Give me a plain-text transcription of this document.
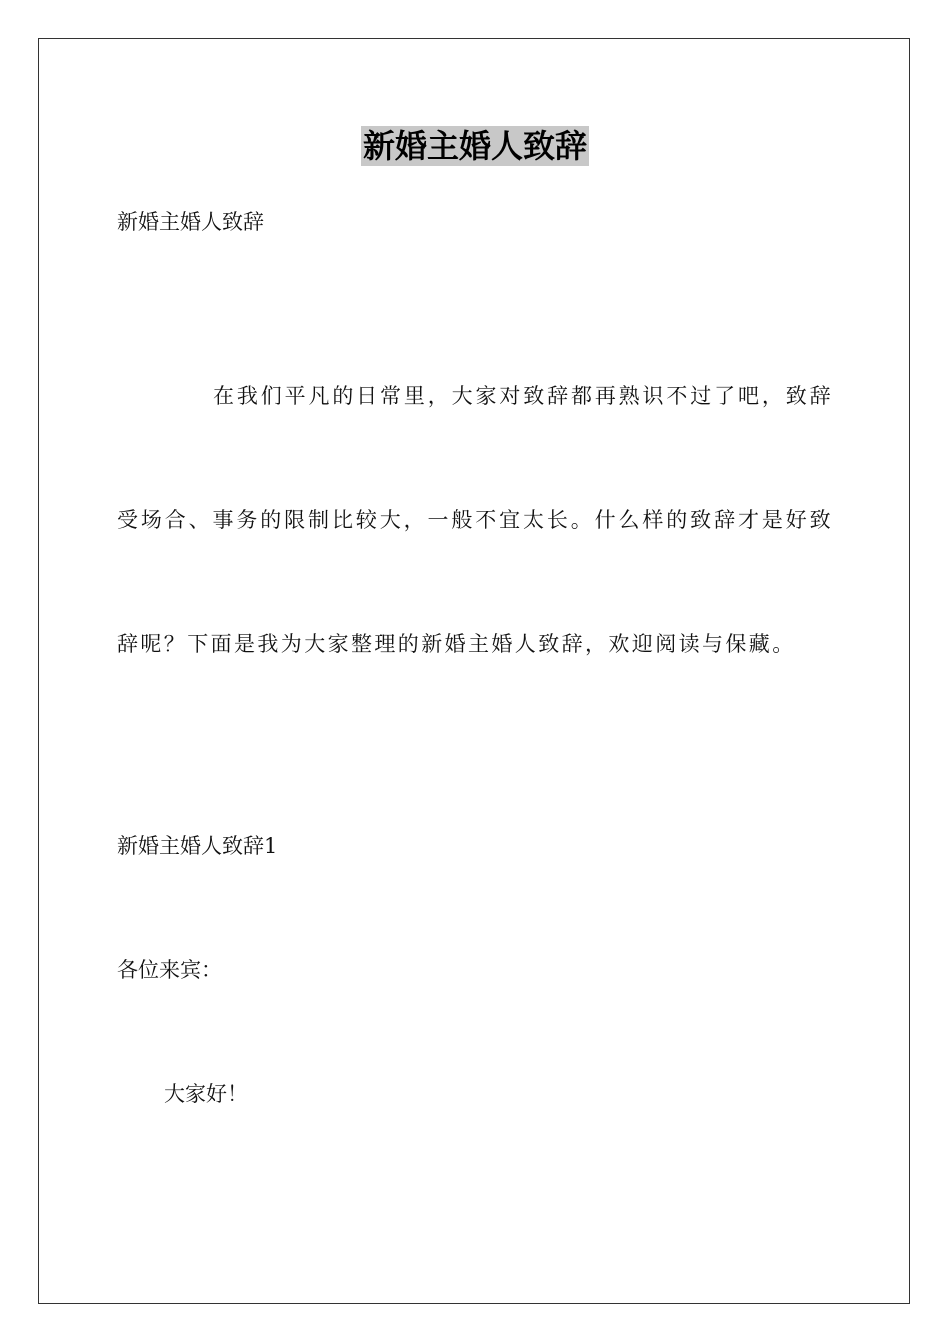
新婚主婚人致辞

新婚主婚人致辞

在我们平凡的日常里，大家对致辞都再熟识不过了吧，致辞受场合、事务的限制比较大，一般不宜太长。什么样的致辞才是好致辞呢？下面是我为大家整理的新婚主婚人致辞，欢迎阅读与保藏。

新婚主婚人致辞1

各位来宾：

大家好！
